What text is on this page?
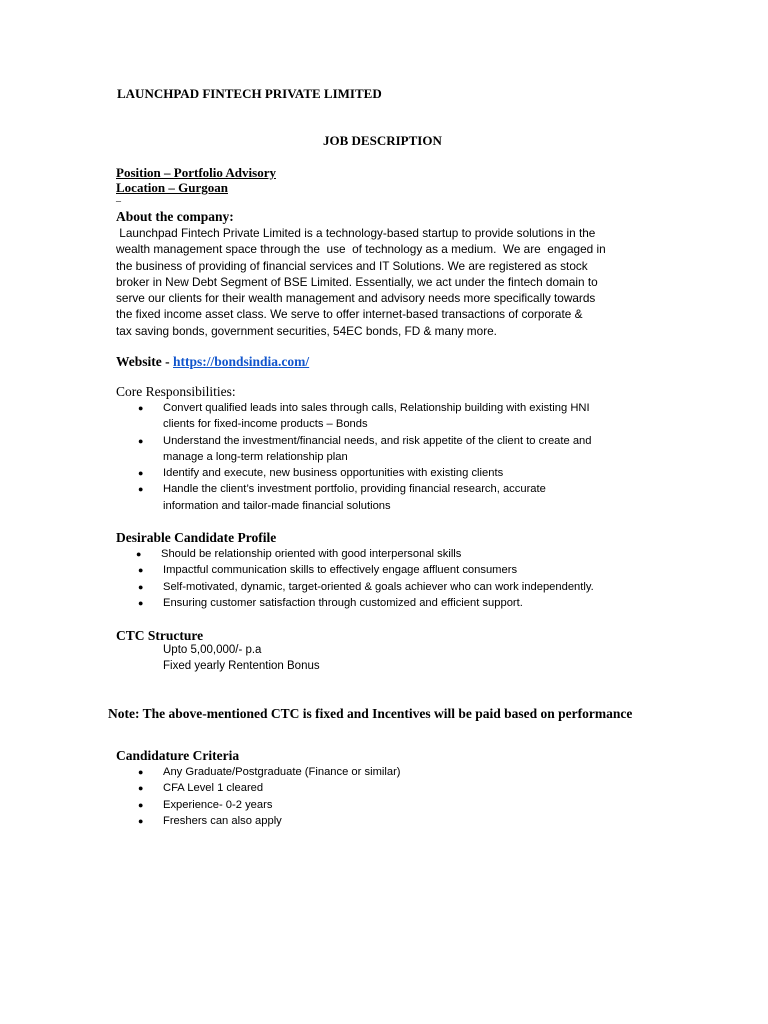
LAUNCHPAD FINTECH PRIVATE LIMITED
JOB DESCRIPTION
Position – Portfolio Advisory
Location – Gurgoan
_
About the company:

Launchpad Fintech Private Limited is a technology-based startup to provide solutions in the
wealth management space through the  use  of technology as a medium.  We are  engaged in
the business of providing of financial services and IT Solutions. We are registered as stock
broker in New Debt Segment of BSE Limited. Essentially, we act under the fintech domain to
serve our clients for their wealth management and advisory needs more specifically towards
the fixed income asset class. We serve to offer internet-based transactions of corporate &
tax saving bonds, government securities, 54EC bonds, FD & many more.

Website - https://bondsindia.com/
Core Responsibilities:
● Convert qualified leads into sales through calls, Relationship building with existing HNI
clients for fixed-income products – Bonds
● Understand the investment/financial needs, and risk appetite of the client to create and
manage a long-term relationship plan
● Identify and execute, new business opportunities with existing clients
● Handle the client’s investment portfolio, providing financial research, accurate
information and tailor-made financial solutions
Desirable Candidate Profile
● Should be relationship oriented with good interpersonal skills
● Impactful communication skills to effectively engage affluent consumers
● Self-motivated, dynamic, target-oriented & goals achiever who can work independently.
● Ensuring customer satisfaction through customized and efficient support.
CTC Structure
Upto 5,00,000/- p.a
Fixed yearly Rentention Bonus
Note: The above-mentioned CTC is fixed and Incentives will be paid based on performance
Candidature Criteria
● Any Graduate/Postgraduate (Finance or similar)
● CFA Level 1 cleared
● Experience- 0-2 years
● Freshers can also apply
